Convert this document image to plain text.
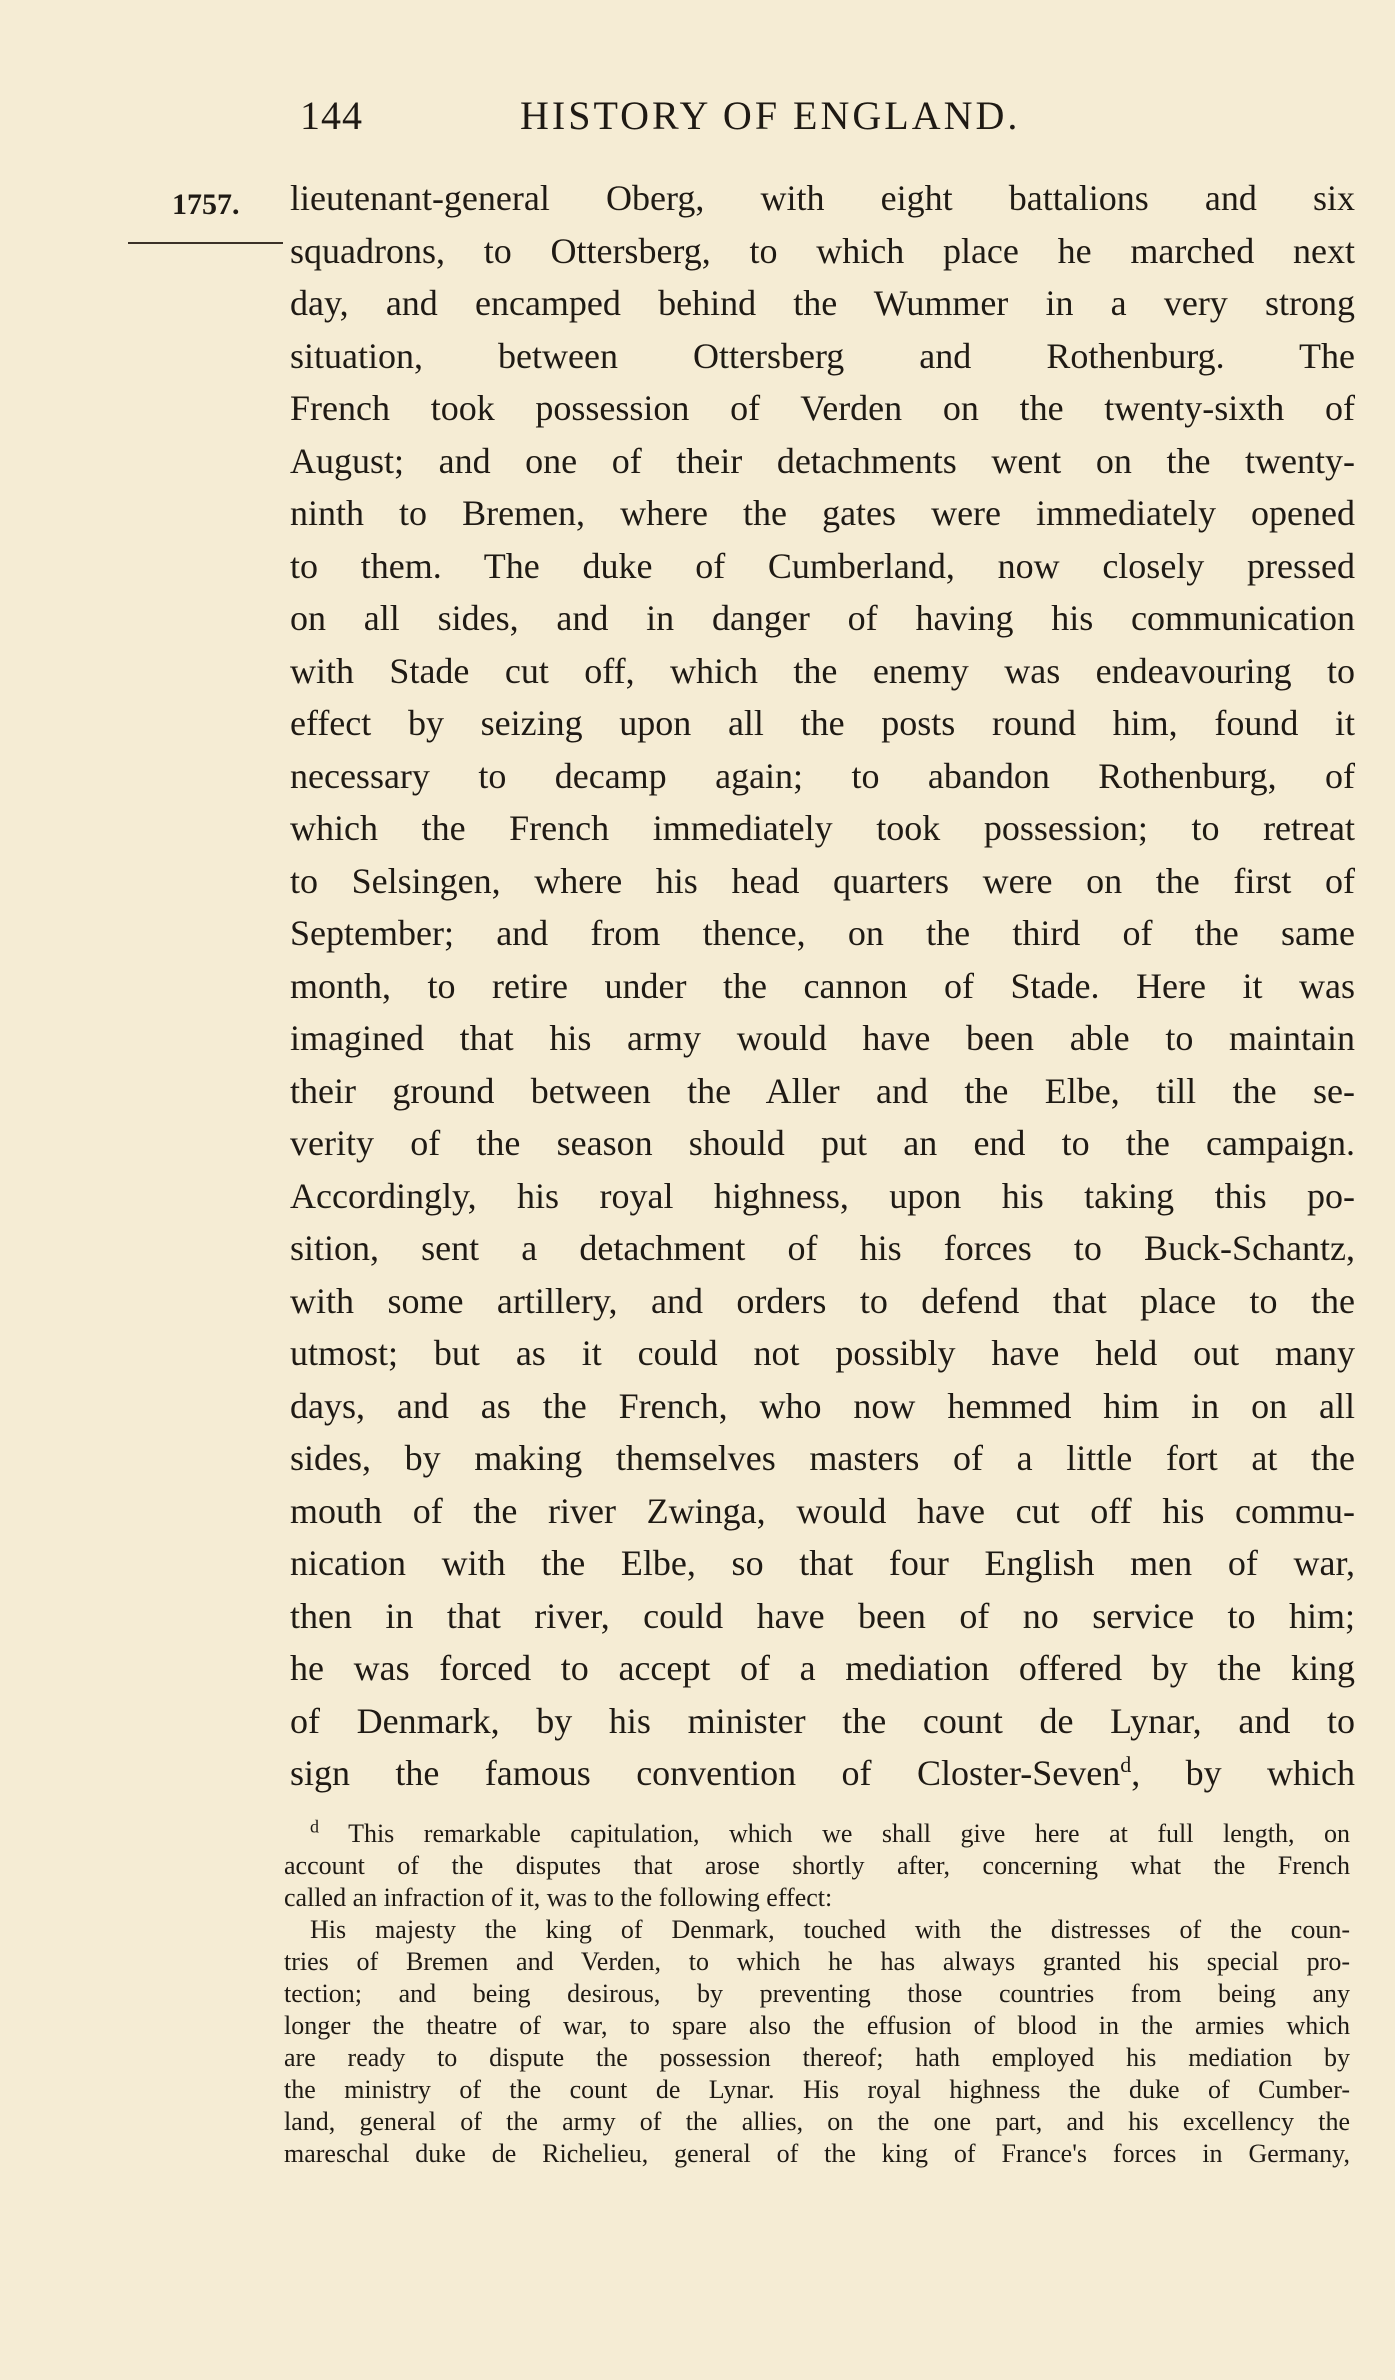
144	HISTORY OF ENGLAND.
1757. lieutenant-general Oberg, with eight battalions and six
squadrons, to Ottersberg, to which place he marched next
day, and encamped behind the Wummer in a very strong
situation, between Ottersberg and Rothenburg. The
French took possession of Verden on the twenty-sixth of
August; and one of their detachments went on the twenty-
ninth to Bremen, where the gates were immediately opened
to them. The duke of Cumberland, now closely pressed
on all sides, and in danger of having his communication
with Stade cut off, which the enemy was endeavouring to
effect by seizing upon all the posts round him, found it
necessary to decamp again; to abandon Rothenburg, of
which the French immediately took possession; to retreat
to Selsingen, where his head quarters were on the first of
September; and from thence, on the third of the same
month, to retire under the cannon of Stade. Here it was
imagined that his army would have been able to maintain
their ground between the Aller and the Elbe, till the se-
verity of the season should put an end to the campaign.
Accordingly, his royal highness, upon his taking this po-
sition, sent a detachment of his forces to Buck-Schantz,
with some artillery, and orders to defend that place to the
utmost; but as it could not possibly have held out many
days, and as the French, who now hemmed him in on all
sides, by making themselves masters of a little fort at the
mouth of the river Zwinga, would have cut off his commu-
nication with the Elbe, so that four English men of war,
then in that river, could have been of no service to him;
he was forced to accept of a mediation offered by the king
of Denmark, by his minister the count de Lynar, and to
sign the famous convention of Closter-Seven$^d$, by which
 $^d$ This remarkable capitulation, which we shall give here at full length, on
account of the disputes that arose shortly after, concerning what the French
called an infraction of it, was to the following effect:
 His majesty the king of Denmark, touched with the distresses of the coun-
tries of Bremen and Verden, to which he has always granted his special pro-
tection; and being desirous, by preventing those countries from being any
longer the theatre of war, to spare also the effusion of blood in the armies which
are ready to dispute the possession thereof; hath employed his mediation by
the ministry of the count de Lynar. His royal highness the duke of Cumber-
land, general of the army of the allies, on the one part, and his excellency the
mareschal duke de Richelieu, general of the king of France's forces in Germany,
